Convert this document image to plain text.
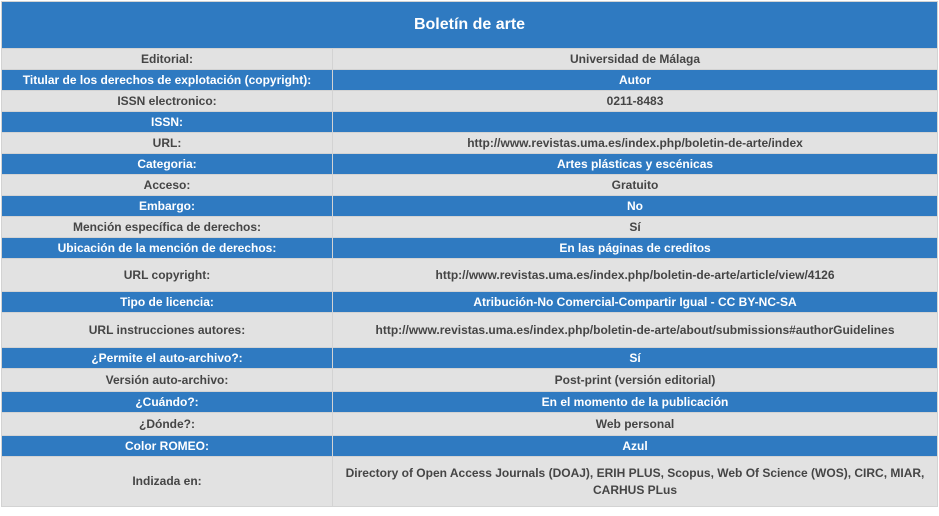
Boletín de arte	
Editorial:	Universidad de Málaga
Titular de los derechos de explotación (copyright):	Autor
ISSN electronico:	0211-8483
ISSN:	
URL:	http://www.revistas.uma.es/index.php/boletin-de-arte/index
Categoria:	Artes plásticas y escénicas
Acceso:	Gratuito
Embargo:	No
Mención específica de derechos:	Sí
Ubicación de la mención de derechos:	En las páginas de creditos
URL copyright:	http://www.revistas.uma.es/index.php/boletin-de-arte/article/view/4126
Tipo de licencia:	Atribución-No Comercial-Compartir Igual - CC BY-NC-SA
URL instrucciones autores:	http://www.revistas.uma.es/index.php/boletin-de-arte/about/submissions#authorGuidelines
¿Permite el auto-archivo?:	Sí
Versión auto-archivo:	Post-print (versión editorial)
¿Cuándo?:	En el momento de la publicación
¿Dónde?:	Web personal
Color ROMEO:	Azul
Indizada en:	Directory of Open Access Journals (DOAJ), ERIH PLUS, Scopus, Web Of Science (WOS), CIRC, MIAR, CARHUS PLus
